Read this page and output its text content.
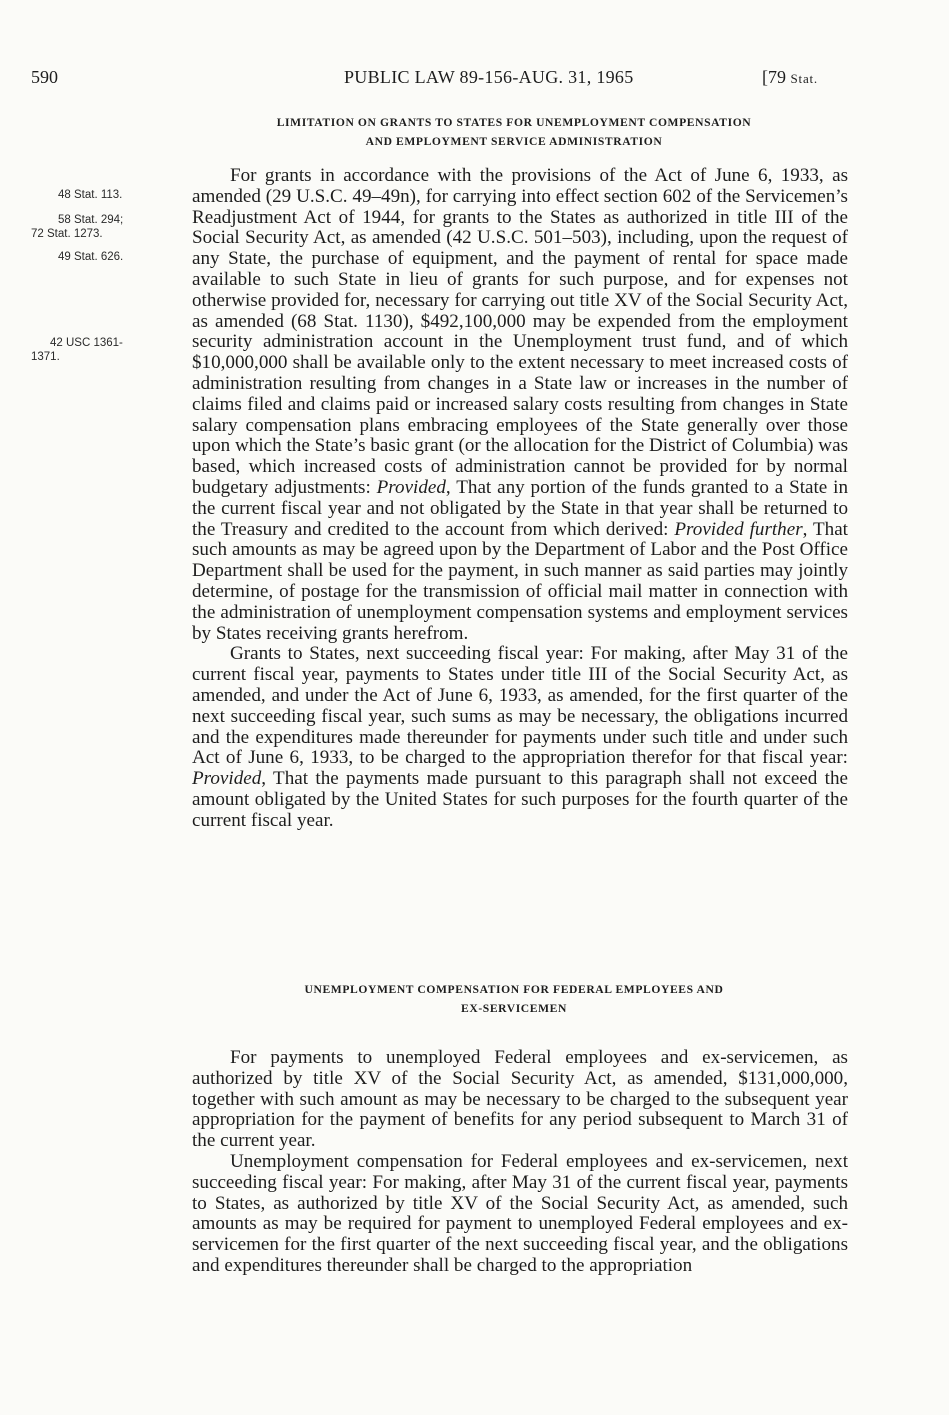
590	PUBLIC LAW 89-156-AUG. 31, 1965	[79 Stat.
LIMITATION ON GRANTS TO STATES FOR UNEMPLOYMENT COMPENSATION
AND EMPLOYMENT SERVICE ADMINISTRATION
48 Stat. 113.
58 Stat. 294;
72 Stat. 1273.
49 Stat. 626.
42 USC 1361-
1371.

For grants in accordance with the provisions of the Act of June 6, 1933, as amended (29 U.S.C. 49–49n), for carrying into effect section 602 of the Servicemen’s Readjustment Act of 1944, for grants to the States as authorized in title III of the Social Security Act, as amended (42 U.S.C. 501–503), including, upon the request of any State, the purchase of equipment, and the payment of rental for space made available to such State in lieu of grants for such purpose, and for expenses not otherwise provided for, necessary for carrying out title XV of the Social Security Act, as amended (68 Stat. 1130), $492,100,000 may be expended from the employment security administration account in the Unemployment trust fund, and of which $10,000,000 shall be available only to the extent necessary to meet increased costs of administration resulting from changes in a State law or increases in the number of claims filed and claims paid or increased salary costs resulting from changes in State salary compensation plans embracing employees of the State generally over those upon which the State’s basic grant (or the allocation for the District of Columbia) was based, which increased costs of administration cannot be provided for by normal budgetary adjustments: Provided, That any portion of the funds granted to a State in the current fiscal year and not obligated by the State in that year shall be returned to the Treasury and credited to the account from which derived: Provided further, That such amounts as may be agreed upon by the Department of Labor and the Post Office Department shall be used for the payment, in such manner as said parties may jointly determine, of postage for the transmission of official mail matter in connection with the administration of unemployment compensation systems and employment services by States receiving grants herefrom.

Grants to States, next succeeding fiscal year: For making, after May 31 of the current fiscal year, payments to States under title III of the Social Security Act, as amended, and under the Act of June 6, 1933, as amended, for the first quarter of the next succeeding fiscal year, such sums as may be necessary, the obligations incurred and the expenditures made thereunder for payments under such title and under such Act of June 6, 1933, to be charged to the appropriation therefor for that fiscal year: Provided, That the payments made pursuant to this paragraph shall not exceed the amount obligated by the United States for such purposes for the fourth quarter of the current fiscal year.

UNEMPLOYMENT COMPENSATION FOR FEDERAL EMPLOYEES AND
EX-SERVICEMEN

For payments to unemployed Federal employees and ex-servicemen, as authorized by title XV of the Social Security Act, as amended, $131,000,000, together with such amount as may be necessary to be charged to the subsequent year appropriation for the payment of benefits for any period subsequent to March 31 of the current year.

Unemployment compensation for Federal employees and ex-servicemen, next succeeding fiscal year: For making, after May 31 of the current fiscal year, payments to States, as authorized by title XV of the Social Security Act, as amended, such amounts as may be required for payment to unemployed Federal employees and ex-servicemen for the first quarter of the next succeeding fiscal year, and the obligations and expenditures thereunder shall be charged to the appropriation
